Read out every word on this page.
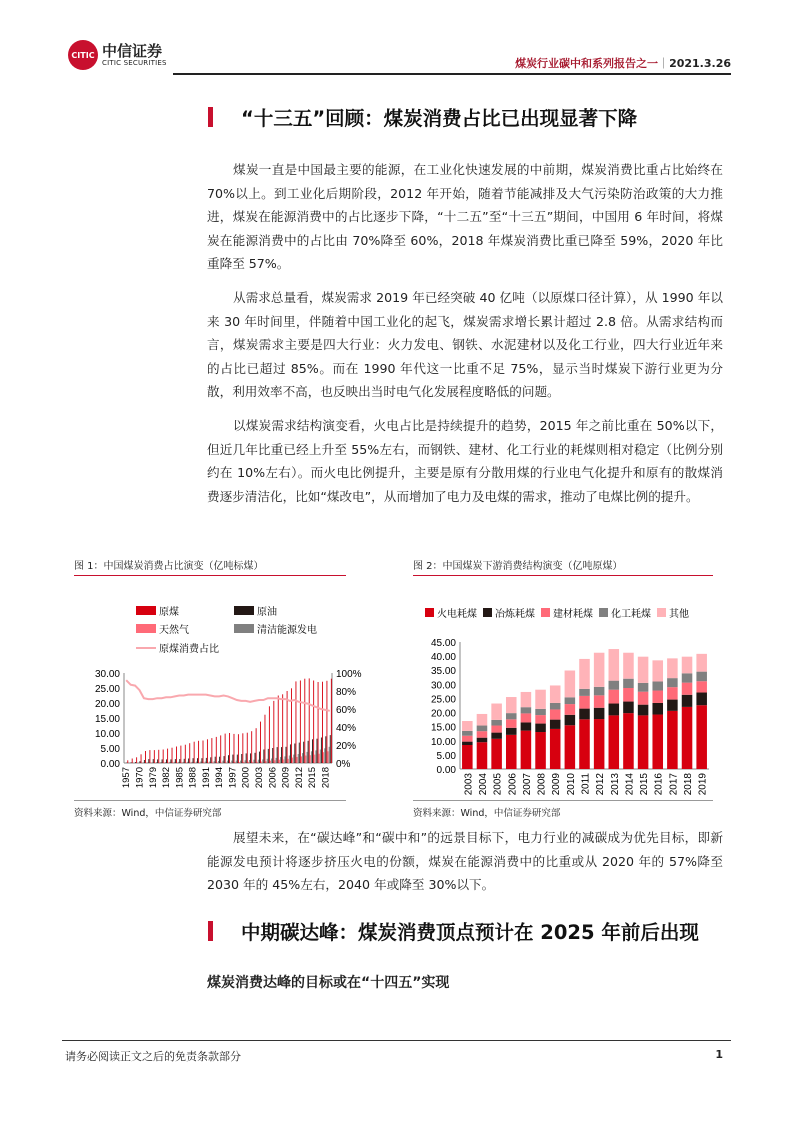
CITIC 中信证券
CITIC SECURITIES	煤炭行业碳中和系列报告之一｜2021.3.26
“十三五”回顾：煤炭消费占比已出现显著下降

煤炭一直是中国最主要的能源，在工业化快速发展的中前期，煤炭消费比重占比始终在 70%以上。到工业化后期阶段，2012 年开始，随着节能减排及大气污染防治政策的大力推进，煤炭在能源消费中的占比逐步下降，“十二五”至“十三五”期间，中国用 6 年时间，将煤炭在能源消费中的占比由 70%降至 60%，2018 年煤炭消费比重已降至 59%，2020 年比重降至 57%。

从需求总量看，煤炭需求 2019 年已经突破 40 亿吨（以原煤口径计算），从 1990 年以来 30 年时间里，伴随着中国工业化的起飞，煤炭需求增长累计超过 2.8 倍。从需求结构而言，煤炭需求主要是四大行业：火力发电、钢铁、水泥建材以及化工行业，四大行业近年来的占比已超过 85%。而在 1990 年代这一比重不足 75%，显示当时煤炭下游行业更为分散，利用效率不高，也反映出当时电气化发展程度略低的问题。

以煤炭需求结构演变看，火电占比是持续提升的趋势，2015 年之前比重在 50%以下，但近几年比重已经上升至 55%左右，而钢铁、建材、化工行业的耗煤则相对稳定（比例分别约在 10%左右）。而火电比例提升，主要是原有分散用煤的行业电气化提升和原有的散煤消费逐步清洁化，比如“煤改电”，从而增加了电力及电煤的需求，推动了电煤比例的提升。

图 1：中国煤炭消费占比演变（亿吨标煤）
原煤	原油
天然气	清洁能源发电
原煤消费占比
0.00
5.00
10.00
15.00
20.00
25.00
30.00
0%
20%
40%
60%
80%
100%
1957 1970 1979 1982 1985 1988 1991 1994 1997 2000 2003 2006 2009 2012 2015 2018
资料来源：Wind，中信证券研究部
图 2：中国煤炭下游消费结构演变（亿吨原煤）
火电耗煤 冶炼耗煤 建材耗煤 化工耗煤 其他
0.00
5.00
10.00
15.00
20.00
25.00
30.00
35.00
40.00
45.00
2003 2004 2005 2006 2007 2008 2009 2010 2011 2012 2013 2014 2015 2016 2017 2018 2019
资料来源：Wind，中信证券研究部

展望未来，在“碳达峰”和“碳中和”的远景目标下，电力行业的减碳成为优先目标，即新能源发电预计将逐步挤压火电的份额，煤炭在能源消费中的比重或从 2020 年的 57%降至 2030 年的 45%左右，2040 年或降至 30%以下。

中期碳达峰：煤炭消费顶点预计在 2025 年前后出现
煤炭消费达峰的目标或在“十四五”实现
请务必阅读正文之后的免责条款部分	1
